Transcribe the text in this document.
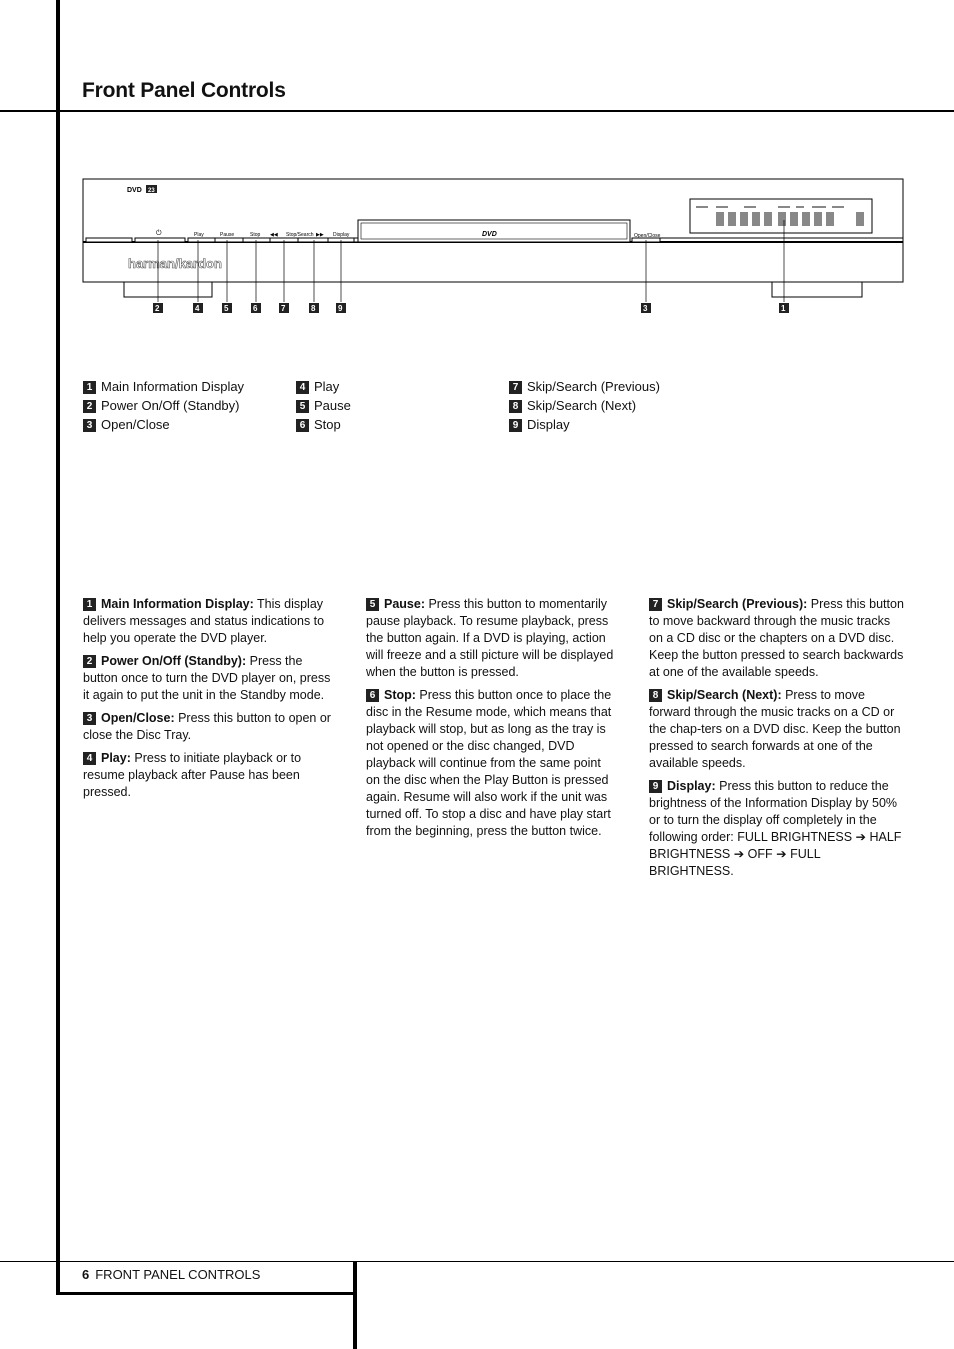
Front Panel Controls
DVD 23
harman/kardon
⏻	Play	Pause	Stop ◀◀ Stop/Search ▶▶ Display	Open/Close
DVD
2	4	5	6	7	8	9	3	1
1 Main Information Display
2 Power On/Off (Standby)
3 Open/Close
4 Play
5 Pause
6 Stop
7 Skip/Search (Previous)
8 Skip/Search (Next)
9 Display

1 Main Information Display: This display delivers messages and status indications to help you operate the DVD player.

2 Power On/Off (Standby): Press the button once to turn the DVD player on, press it again to put the unit in the Standby mode.

3 Open/Close: Press this button to open or close the Disc Tray.

4 Play: Press to initiate playback or to resume playback after Pause has been pressed.

5 Pause: Press this button to momentarily pause playback. To resume playback, press the button again. If a DVD is playing, action will freeze and a still picture will be displayed when the button is pressed.

6 Stop: Press this button once to place the disc in the Resume mode, which means that playback will stop, but as long as the tray is not opened or the disc changed, DVD playback will continue from the same point on the disc when the Play Button is pressed again. Resume will also work if the unit was turned off. To stop a disc and have play start from the beginning, press the button twice.

7 Skip/Search (Previous): Press this button to move backward through the music tracks on a CD disc or the chapters on a DVD disc. Keep the button pressed to search backwards at one of the available speeds.

8 Skip/Search (Next): Press to move forward through the music tracks on a CD or the chap-ters on a DVD disc. Keep the button pressed to search forwards at one of the available speeds.

9 Display: Press this button to reduce the brightness of the Information Display by 50% or to turn the display off completely in the following order: FULL BRIGHTNESS ➔ HALF BRIGHTNESS ➔ OFF ➔ FULL BRIGHTNESS.

6 FRONT PANEL CONTROLS
